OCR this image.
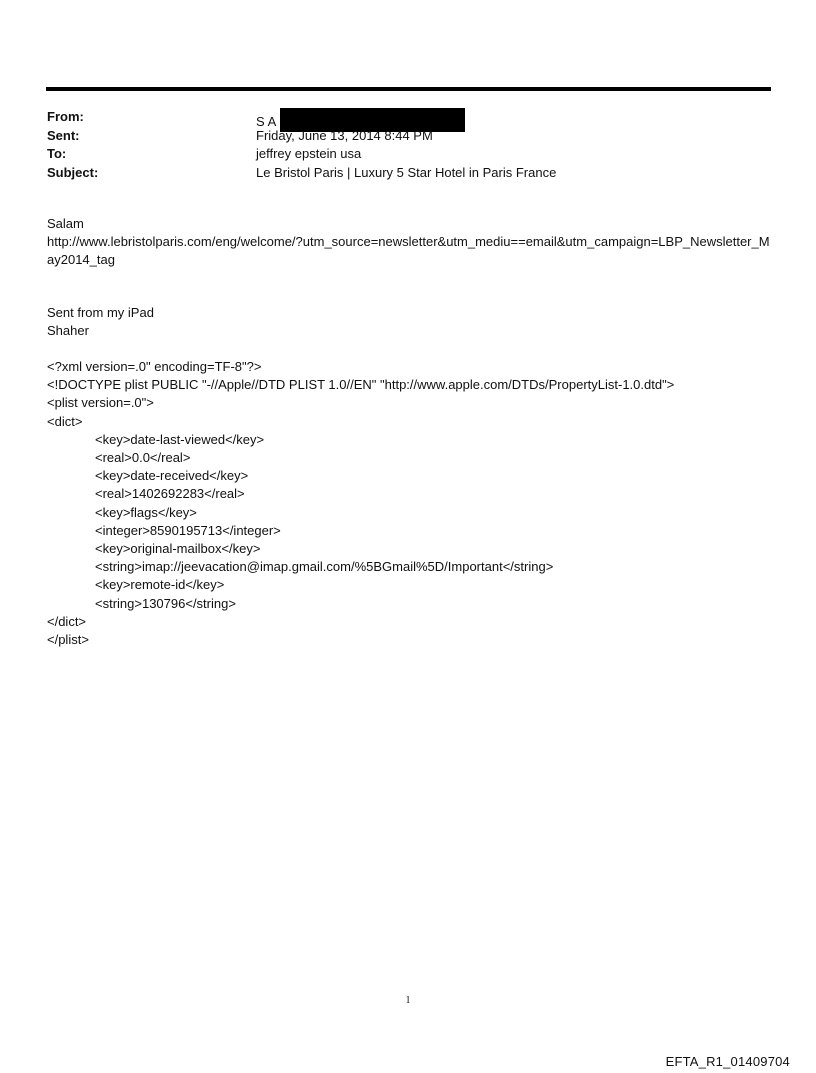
From:	S A
Sent:	Friday, June 13, 2014 8:44 PM
To:	jeffrey epstein usa
Subject:	Le Bristol Paris | Luxury 5 Star Hotel in Paris France
Salam
http://www.lebristolparis.com/eng/welcome/?utm_source=newsletter&utm_mediu==email&utm_campaign=LBP_Newsletter_May2014_tag
Sent from my iPad
Shaher
<?xml version=.0" encoding=TF-8"?>
<!DOCTYPE plist PUBLIC "-//Apple//DTD PLIST 1.0//EN" "http://www.apple.com/DTDs/PropertyList-1.0.dtd">
<plist version=.0">
<dict>
<key>date-last-viewed</key>
<real>0.0</real>
<key>date-received</key>
<real>1402692283</real>
<key>flags</key>
<integer>8590195713</integer>
<key>original-mailbox</key>
<string>imap://jeevacation@imap.gmail.com/%5BGmail%5D/Important</string>
<key>remote-id</key>
<string>130796</string>
</dict>
</plist>
1
EFTA_R1_01409704
